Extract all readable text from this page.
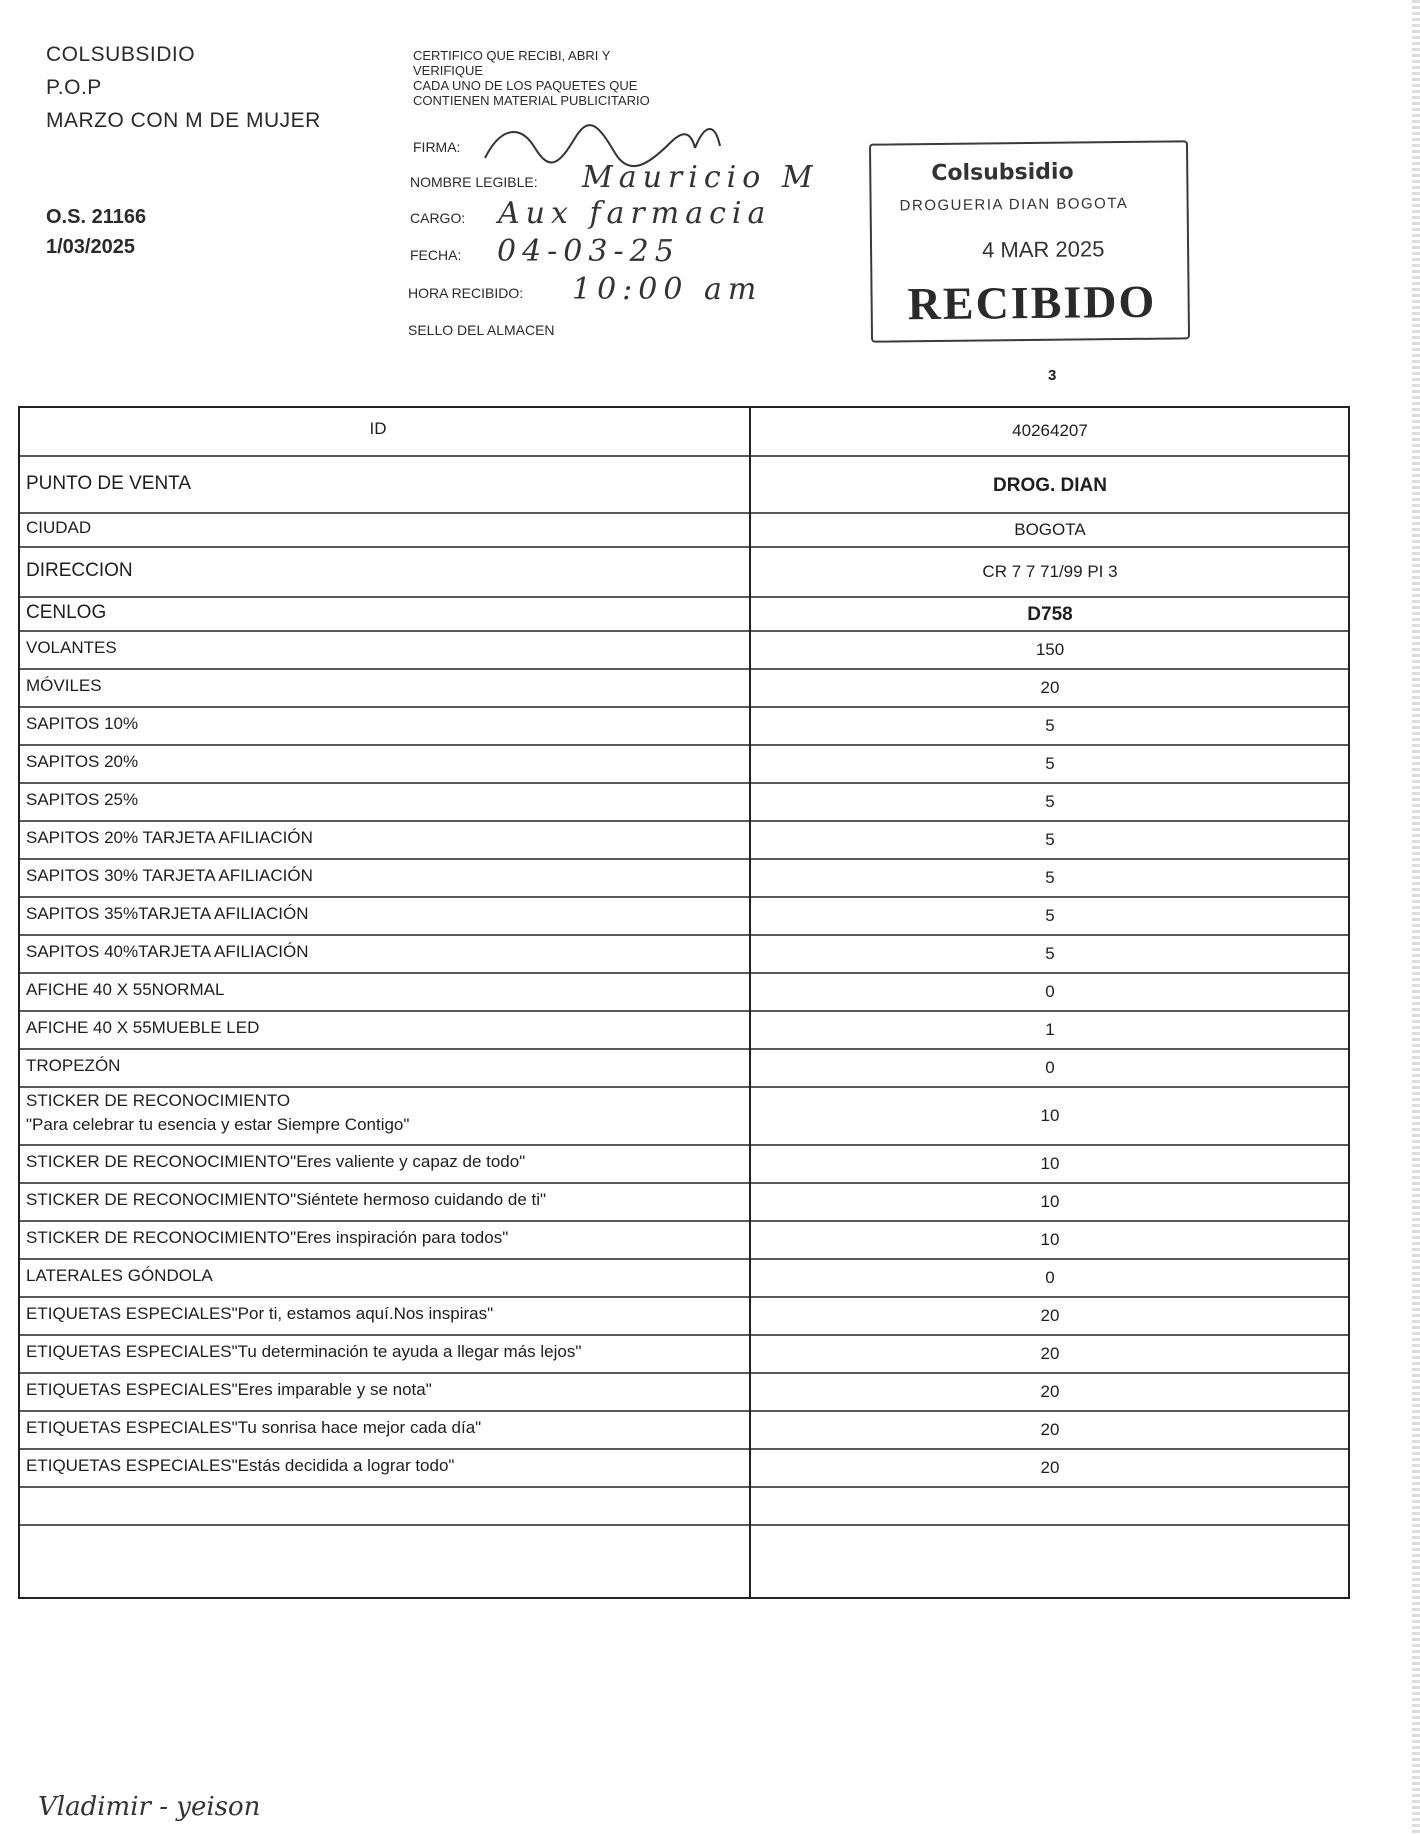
COLSUBSIDIO
P.O.P
MARZO CON M DE MUJER
O.S. 21166
1/03/2025
CERTIFICO QUE RECIBI, ABRI Y
VERIFIQUE
CADA UNO DE LOS PAQUETES QUE
CONTIENEN MATERIAL PUBLICITARIO
FIRMA:
NOMBRE LEGIBLE: Mauricio M
CARGO: Aux farmacia
FECHA: 04-03-25
HORA RECIBIDO: 10:00 am
SELLO DEL ALMACEN
Colsubsidio
DROGUERIA DIAN BOGOTA
4 MAR 2025
RECIBIDO
3
ID	40264207
PUNTO DE VENTA	DROG. DIAN
CIUDAD	BOGOTA
DIRECCION	CR 7 7 71/99 PI 3
CENLOG	D758
VOLANTES	150
MÓVILES	20
SAPITOS 10%	5
SAPITOS 20%	5
SAPITOS 25%	5
SAPITOS 20% TARJETA AFILIACIÓN	5
SAPITOS 30% TARJETA AFILIACIÓN	5
SAPITOS 35%TARJETA AFILIACIÓN	5
SAPITOS 40%TARJETA AFILIACIÓN	5
AFICHE 40 X 55NORMAL	0
AFICHE 40 X 55MUEBLE LED	1
TROPEZÓN	0
STICKER DE RECONOCIMIENTO
"Para celebrar tu esencia y estar Siempre Contigo"	10
STICKER DE RECONOCIMIENTO"Eres valiente y capaz de todo"	10
STICKER DE RECONOCIMIENTO"Siéntete hermoso cuidando de ti"	10
STICKER DE RECONOCIMIENTO"Eres inspiración para todos"	10
LATERALES GÓNDOLA	0
ETIQUETAS ESPECIALES"Por ti, estamos aquí.Nos inspiras"	20
ETIQUETAS ESPECIALES"Tu determinación te ayuda a llegar más lejos"	20
ETIQUETAS ESPECIALES"Eres imparable y se nota"	20
ETIQUETAS ESPECIALES"Tu sonrisa hace mejor cada día"	20
ETIQUETAS ESPECIALES"Estás decidida a lograr todo"	20
Vladimir - yeison
